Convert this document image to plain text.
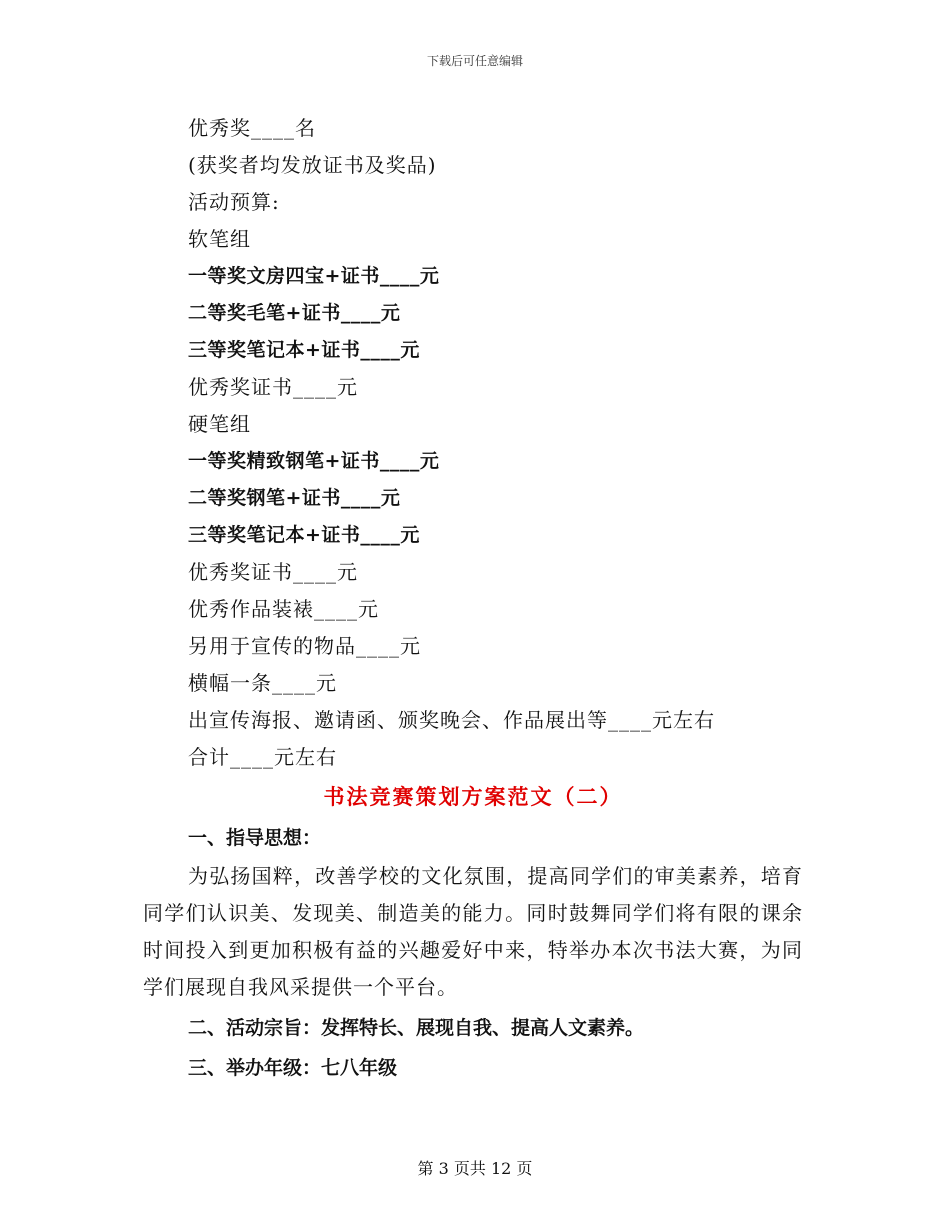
下载后可任意编辑
优秀奖____名
(获奖者均发放证书及奖品)
活动预算:
软笔组
一等奖文房四宝+证书____元
二等奖毛笔+证书____元
三等奖笔记本+证书____元
优秀奖证书____元
硬笔组
一等奖精致钢笔+证书____元
二等奖钢笔+证书____元
三等奖笔记本+证书____元
优秀奖证书____元
优秀作品装裱____元
另用于宣传的物品____元
横幅一条____元
出宣传海报、邀请函、颁奖晚会、作品展出等____元左右
合计____元左右
书法竞赛策划方案范文（二）
一、指导思想：
为弘扬国粹，改善学校的文化氛围，提高同学们的审美素养，培育同学们认识美、发现美、制造美的能力。同时鼓舞同学们将有限的课余时间投入到更加积极有益的兴趣爱好中来，特举办本次书法大赛，为同学们展现自我风采提供一个平台。
二、活动宗旨：发挥特长、展现自我、提高人文素养。
三、举办年级：七八年级
第 3 页共 12 页
